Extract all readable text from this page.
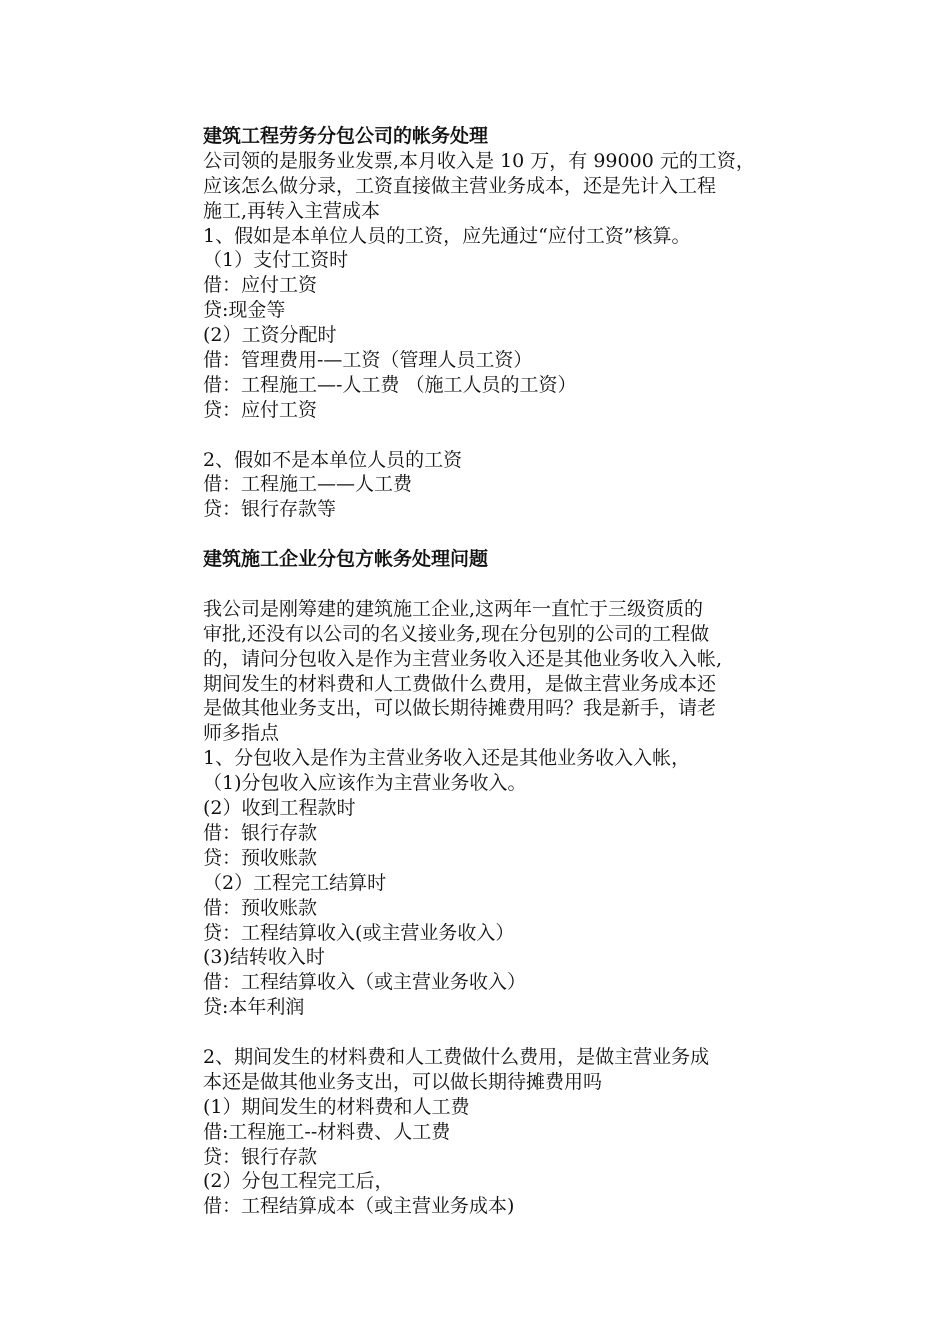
建筑工程劳务分包公司的帐务处理
公司领的是服务业发票,本月收入是 10 万，有 99000 元的工资，
应该怎么做分录，工资直接做主营业务成本，还是先计入工程
施工,再转入主营成本
1、假如是本单位人员的工资，应先通过“应付工资”核算。
（1）支付工资时
借：应付工资
贷:现金等
(2）工资分配时
借：管理费用-—工资（管理人员工资）
借：工程施工—-人工费 （施工人员的工资）
贷：应付工资
2、假如不是本单位人员的工资
借：工程施工——人工费
贷：银行存款等
建筑施工企业分包方帐务处理问题
我公司是刚筹建的建筑施工企业,这两年一直忙于三级资质的
审批,还没有以公司的名义接业务,现在分包别的公司的工程做
的，请问分包收入是作为主营业务收入还是其他业务收入入帐,
期间发生的材料费和人工费做什么费用，是做主营业务成本还
是做其他业务支出，可以做长期待摊费用吗？我是新手，请老
师多指点
1、分包收入是作为主营业务收入还是其他业务收入入帐，
（1)分包收入应该作为主营业务收入。
(2）收到工程款时
借：银行存款
贷：预收账款
（2）工程完工结算时
借：预收账款
贷：工程结算收入(或主营业务收入）
(3)结转收入时
借：工程结算收入（或主营业务收入）
贷:本年利润
2、期间发生的材料费和人工费做什么费用，是做主营业务成
本还是做其他业务支出，可以做长期待摊费用吗
(1）期间发生的材料费和人工费
借:工程施工--材料费、人工费
贷：银行存款
(2）分包工程完工后，
借：工程结算成本（或主营业务成本)
